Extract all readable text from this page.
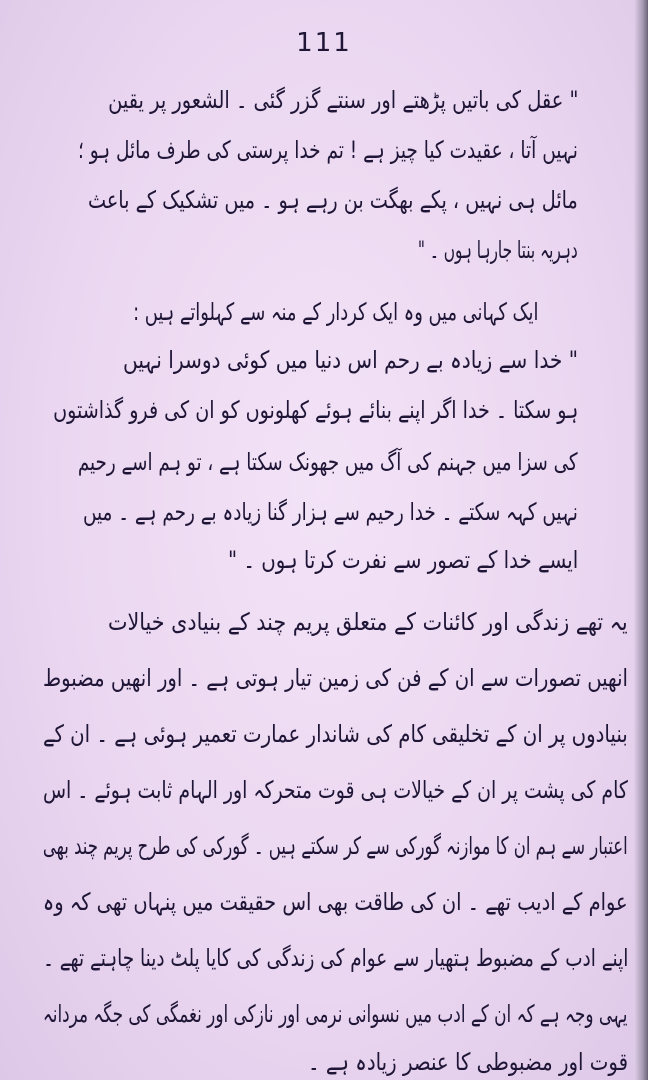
111
" عقل کی باتیں پڑھتے اور سنتے گزر گئی ۔ الشعور پر یقین
نہیں آتا ، عقیدت کیا چیز ہے ! تم خدا پرستی کی طرف مائل ہو ؛
مائل ہی نہیں ، پکے بھگت بن رہے ہو ۔ میں تشکیک کے باعث
دہریہ بنتا جارہا ہوں ۔ "
ایک کہانی میں وہ ایک کردار کے منہ سے کہلواتے ہیں :
" خدا سے زیادہ بے رحم اس دنیا میں کوئی دوسرا نہیں
ہو سکتا ۔ خدا اگر اپنے بنائے ہوئے کھلونوں کو ان کی فرو گذاشتوں
کی سزا میں جہنم کی آگ میں جھونک سکتا ہے ، تو ہم اسے رحیم
نہیں کہہ سکتے ۔ خدا رحیم سے ہزار گنا زیادہ بے رحم ہے ۔ میں
ایسے خدا کے تصور سے نفرت کرتا ہوں ۔ "
یہ تھے زندگی اور کائنات کے متعلق پریم چند کے بنیادی خیالات
انھیں تصورات سے ان کے فن کی زمین تیار ہوتی ہے ۔ اور انھیں مضبوط
بنیادوں پر ان کے تخلیقی کام کی شاندار عمارت تعمیر ہوئی ہے ۔ ان کے
کام کی پشت پر ان کے خیالات ہی قوت متحرکہ اور الہام ثابت ہوئے ۔ اس
اعتبار سے ہم ان کا موازنہ گورکی سے کر سکتے ہیں ۔ گورکی کی طرح پریم چند بھی
عوام کے ادیب تھے ۔ ان کی طاقت بھی اس حقیقت میں پنہاں تھی کہ وہ
اپنے ادب کے مضبوط ہتھیار سے عوام کی زندگی کی کایا پلٹ دینا چاہتے تھے ۔
یہی وجہ ہے کہ ان کے ادب میں نسوانی نرمی اور نازکی اور نغمگی کی جگہ مردانہ
قوت اور مضبوطی کا عنصر زیادہ ہے ۔
